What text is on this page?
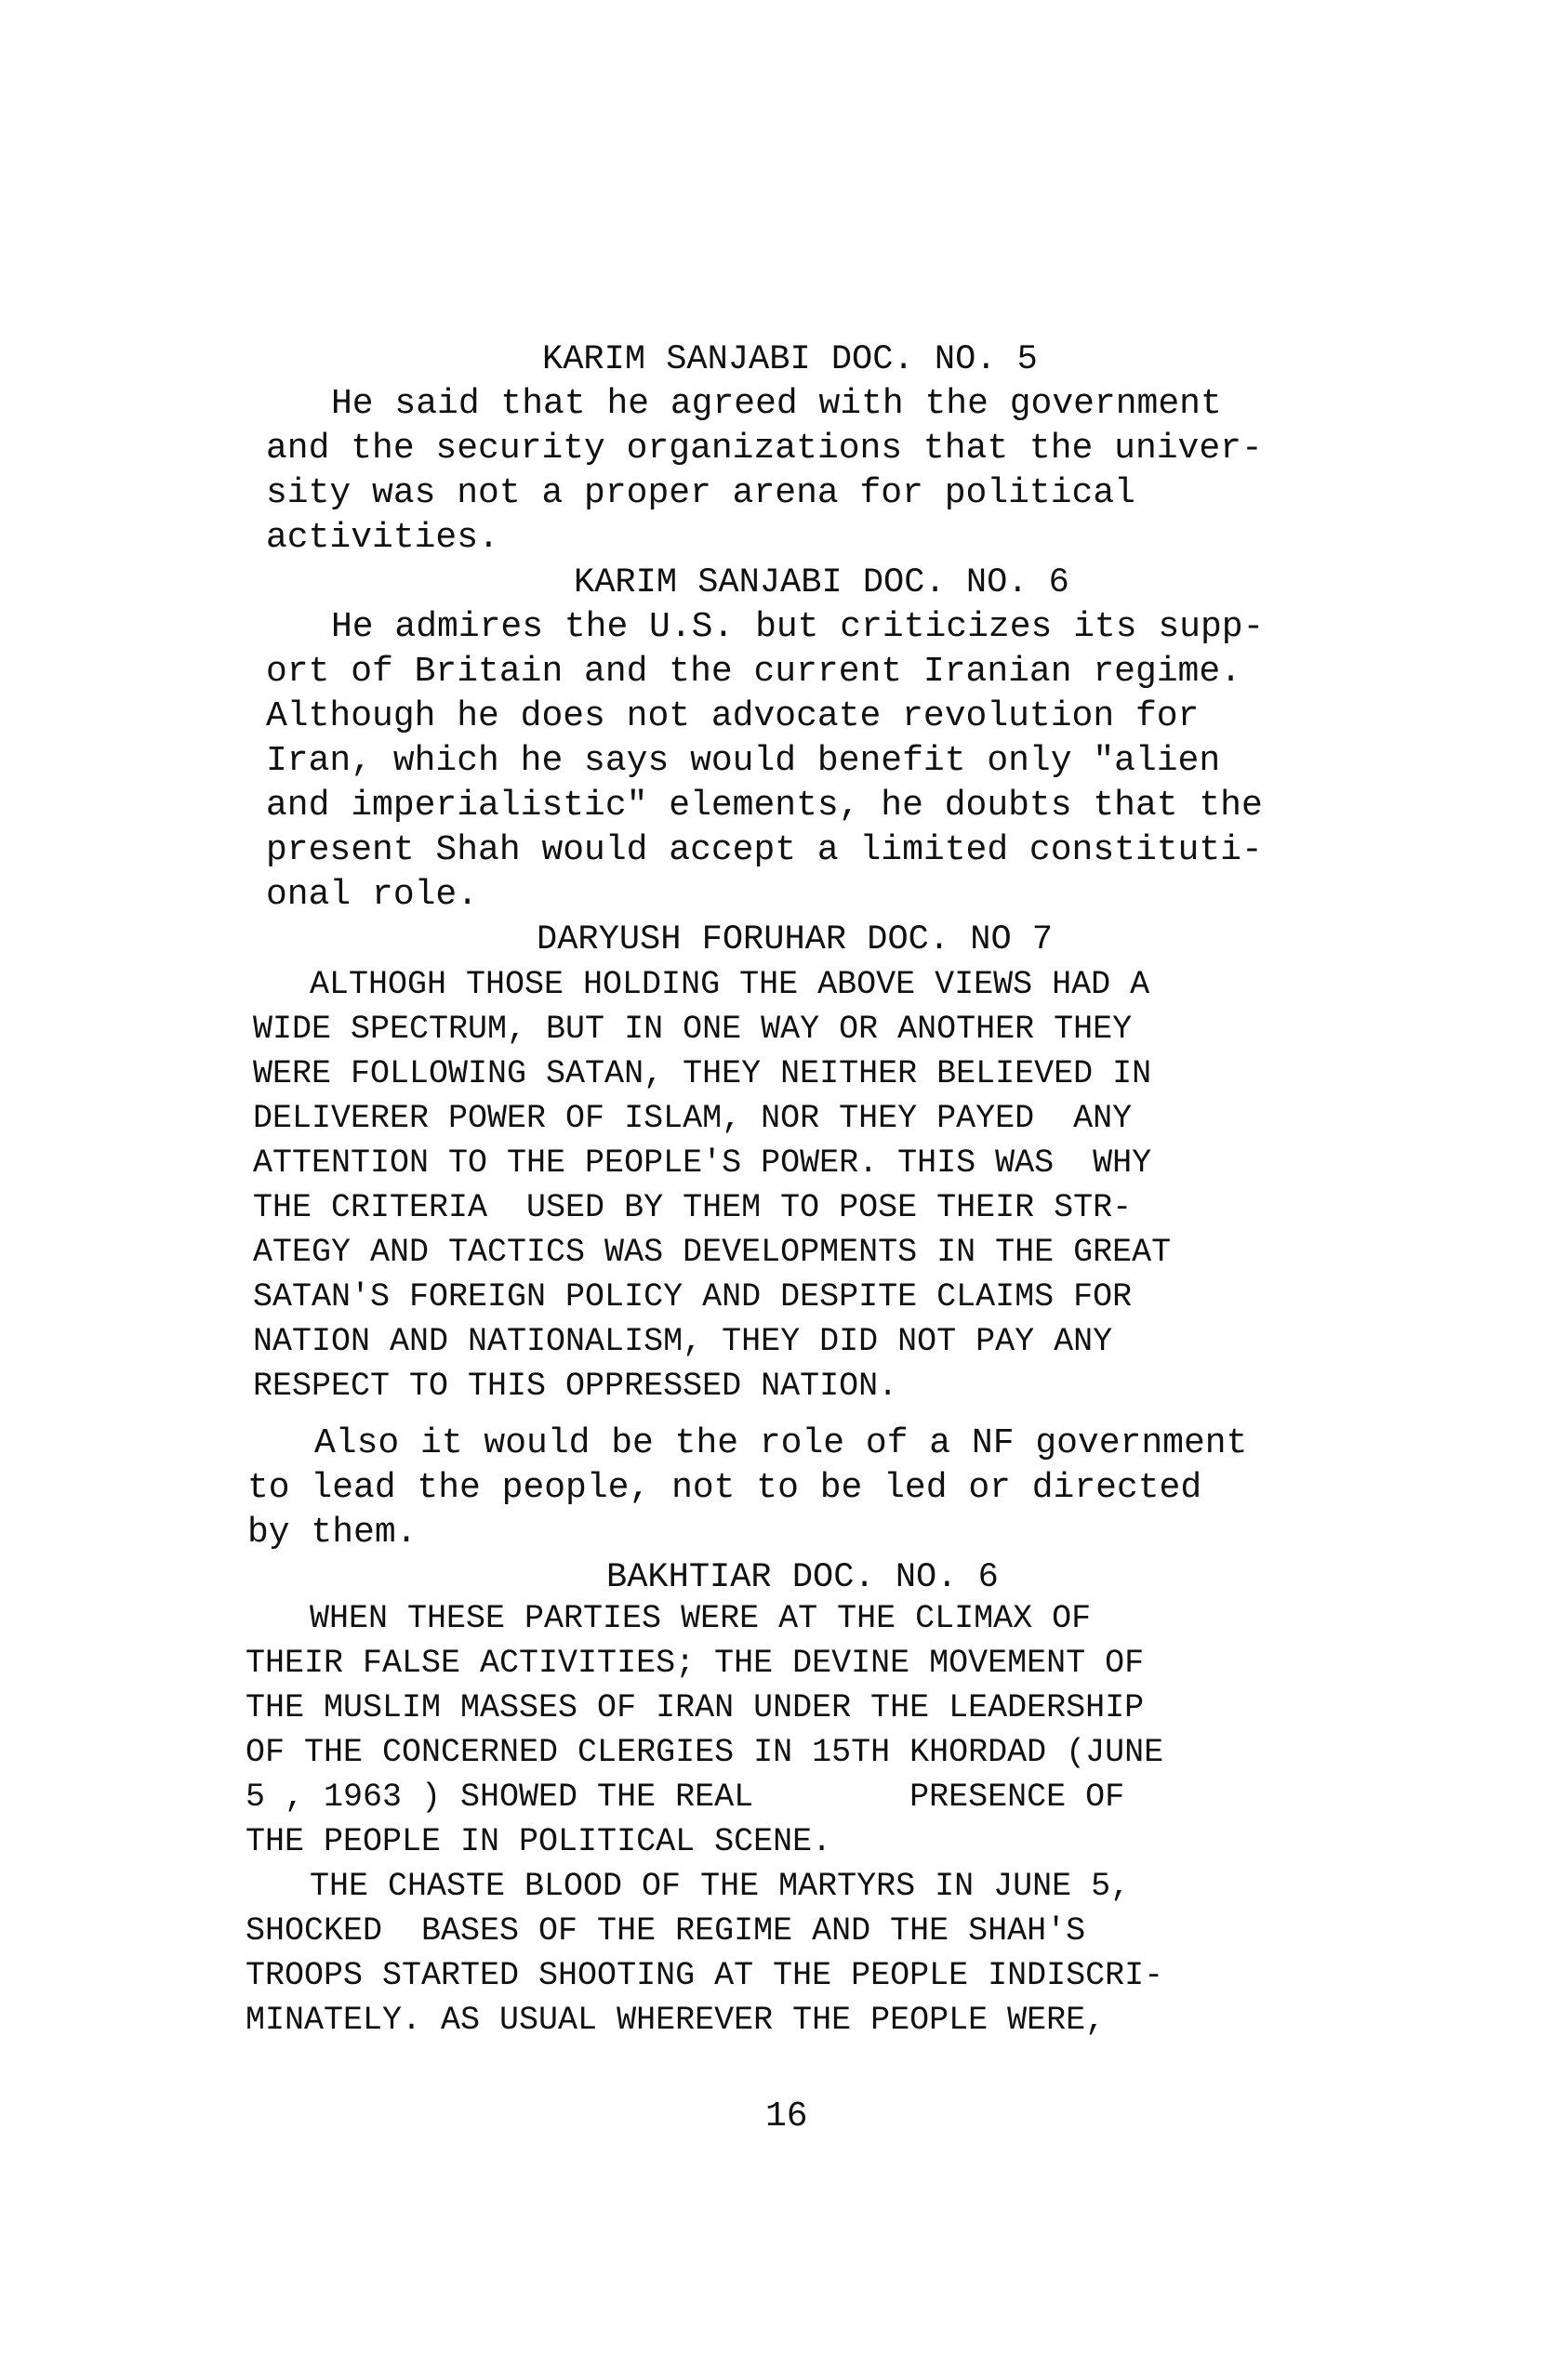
KARIM SANJABI DOC. NO. 5
He said that he agreed with the government
and the security organizations that the univer-
sity was not a proper arena for political
activities.
KARIM SANJABI DOC. NO. 6
He admires the U.S. but criticizes its supp-
ort of Britain and the current Iranian regime.
Although he does not advocate revolution for
Iran, which he says would benefit only "alien
and imperialistic" elements, he doubts that the
present Shah would accept a limited constituti-
onal role.
DARYUSH FORUHAR DOC. NO 7
ALTHOGH THOSE HOLDING THE ABOVE VIEWS HAD A
WIDE SPECTRUM, BUT IN ONE WAY OR ANOTHER THEY
WERE FOLLOWING SATAN, THEY NEITHER BELIEVED IN
DELIVERER POWER OF ISLAM, NOR THEY PAYED  ANY
ATTENTION TO THE PEOPLE'S POWER. THIS WAS  WHY
THE CRITERIA  USED BY THEM TO POSE THEIR STR-
ATEGY AND TACTICS WAS DEVELOPMENTS IN THE GREAT
SATAN'S FOREIGN POLICY AND DESPITE CLAIMS FOR
NATION AND NATIONALISM, THEY DID NOT PAY ANY
RESPECT TO THIS OPPRESSED NATION.
Also it would be the role of a NF government
to lead the people, not to be led or directed
by them.
BAKHTIAR DOC. NO. 6
WHEN THESE PARTIES WERE AT THE CLIMAX OF
THEIR FALSE ACTIVITIES; THE DEVINE MOVEMENT OF
THE MUSLIM MASSES OF IRAN UNDER THE LEADERSHIP
OF THE CONCERNED CLERGIES IN 15TH KHORDAD (JUNE
5 , 1963 ) SHOWED THE REAL        PRESENCE OF
THE PEOPLE IN POLITICAL SCENE.
THE CHASTE BLOOD OF THE MARTYRS IN JUNE 5,
SHOCKED  BASES OF THE REGIME AND THE SHAH'S
TROOPS STARTED SHOOTING AT THE PEOPLE INDISCRI-
MINATELY. AS USUAL WHEREVER THE PEOPLE WERE,
16
